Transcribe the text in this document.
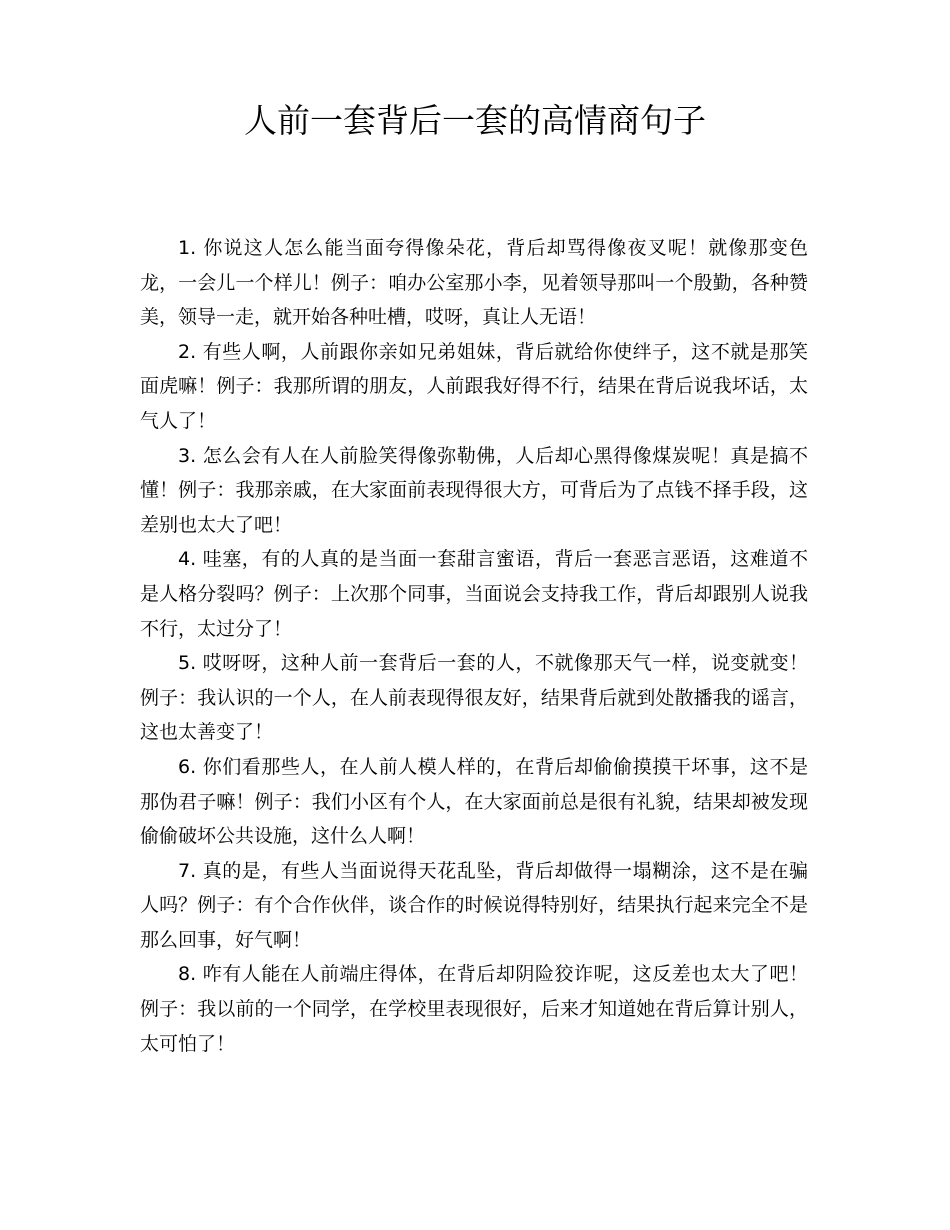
人前一套背后一套的高情商句子

1. 你说这人怎么能当面夸得像朵花，背后却骂得像夜叉呢！就像那变色龙，一会儿一个样儿！例子：咱办公室那小李，见着领导那叫一个殷勤，各种赞美，领导一走，就开始各种吐槽，哎呀，真让人无语！

2. 有些人啊，人前跟你亲如兄弟姐妹，背后就给你使绊子，这不就是那笑面虎嘛！例子：我那所谓的朋友，人前跟我好得不行，结果在背后说我坏话，太气人了！

3. 怎么会有人在人前脸笑得像弥勒佛，人后却心黑得像煤炭呢！真是搞不懂！例子：我那亲戚，在大家面前表现得很大方，可背后为了点钱不择手段，这差别也太大了吧！

4. 哇塞，有的人真的是当面一套甜言蜜语，背后一套恶言恶语，这难道不是人格分裂吗？例子：上次那个同事，当面说会支持我工作，背后却跟别人说我不行，太过分了！

5. 哎呀呀，这种人前一套背后一套的人，不就像那天气一样，说变就变！例子：我认识的一个人，在人前表现得很友好，结果背后就到处散播我的谣言，这也太善变了！

6. 你们看那些人，在人前人模人样的，在背后却偷偷摸摸干坏事，这不是那伪君子嘛！例子：我们小区有个人，在大家面前总是很有礼貌，结果却被发现偷偷破坏公共设施，这什么人啊！

7. 真的是，有些人当面说得天花乱坠，背后却做得一塌糊涂，这不是在骗人吗？例子：有个合作伙伴，谈合作的时候说得特别好，结果执行起来完全不是那么回事，好气啊！

8. 咋有人能在人前端庄得体，在背后却阴险狡诈呢，这反差也太大了吧！例子：我以前的一个同学，在学校里表现很好，后来才知道她在背后算计别人，太可怕了！
